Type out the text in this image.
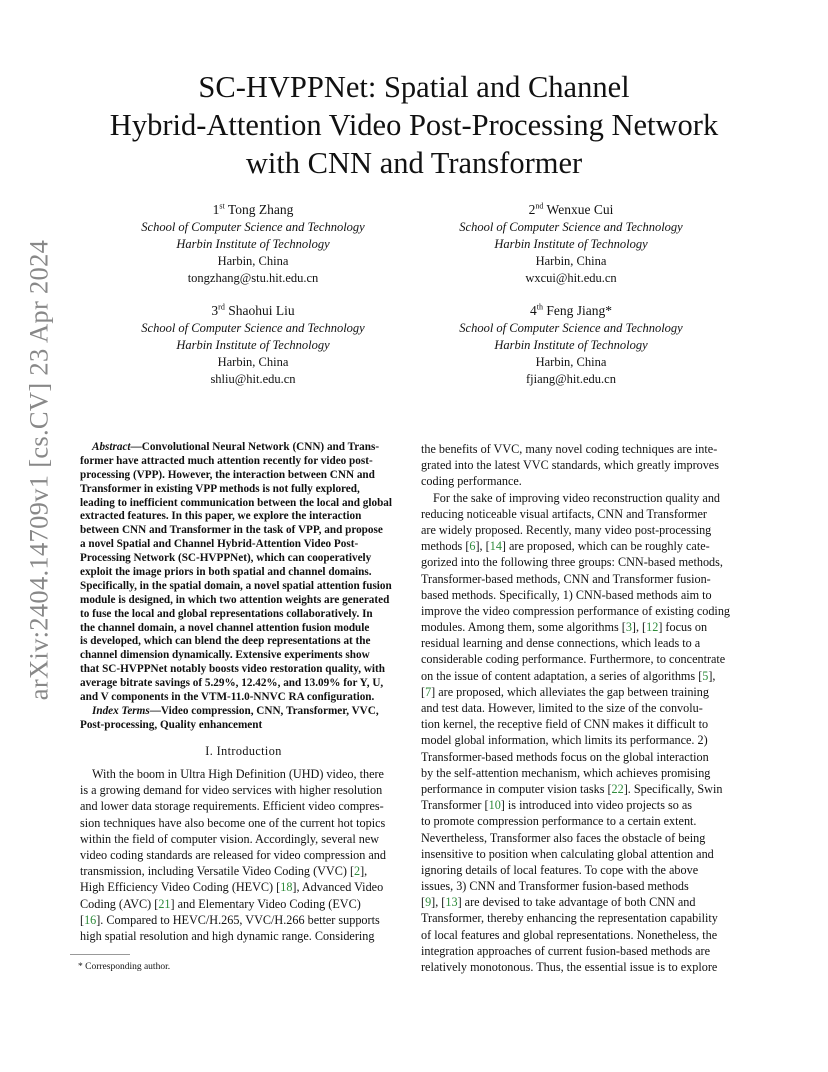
arXiv:2404.14709v1 [cs.CV] 23 Apr 2024
SC-HVPPNet: Spatial and Channel
Hybrid-Attention Video Post-Processing Network
with CNN and Transformer
1st Tong Zhang
School of Computer Science and Technology
Harbin Institute of Technology
Harbin, China
tongzhang@stu.hit.edu.cn
2nd Wenxue Cui
School of Computer Science and Technology
Harbin Institute of Technology
Harbin, China
wxcui@hit.edu.cn
3rd Shaohui Liu
School of Computer Science and Technology
Harbin Institute of Technology
Harbin, China
shliu@hit.edu.cn
4th Feng Jiang*
School of Computer Science and Technology
Harbin Institute of Technology
Harbin, China
fjiang@hit.edu.cn
Abstract—Convolutional Neural Network (CNN) and Trans-
former have attracted much attention recently for video post-
processing (VPP). However, the interaction between CNN and
Transformer in existing VPP methods is not fully explored,
leading to inefficient communication between the local and global
extracted features. In this paper, we explore the interaction
between CNN and Transformer in the task of VPP, and propose
a novel Spatial and Channel Hybrid-Attention Video Post-
Processing Network (SC-HVPPNet), which can cooperatively
exploit the image priors in both spatial and channel domains.
Specifically, in the spatial domain, a novel spatial attention fusion
module is designed, in which two attention weights are generated
to fuse the local and global representations collaboratively. In
the channel domain, a novel channel attention fusion module
is developed, which can blend the deep representations at the
channel dimension dynamically. Extensive experiments show
that SC-HVPPNet notably boosts video restoration quality, with
average bitrate savings of 5.29%, 12.42%, and 13.09% for Y, U,
and V components in the VTM-11.0-NNVC RA configuration.
Index Terms—Video compression, CNN, Transformer, VVC,
Post-processing, Quality enhancement
I. Introduction
With the boom in Ultra High Definition (UHD) video, there
is a growing demand for video services with higher resolution
and lower data storage requirements. Efficient video compres-
sion techniques have also become one of the current hot topics
within the field of computer vision. Accordingly, several new
video coding standards are released for video compression and
transmission, including Versatile Video Coding (VVC) [2],
High Efficiency Video Coding (HEVC) [18], Advanced Video
Coding (AVC) [21] and Elementary Video Coding (EVC)
[16]. Compared to HEVC/H.265, VVC/H.266 better supports
high spatial resolution and high dynamic range. Considering
the benefits of VVC, many novel coding techniques are inte-
grated into the latest VVC standards, which greatly improves
coding performance.
For the sake of improving video reconstruction quality and
reducing noticeable visual artifacts, CNN and Transformer
are widely proposed. Recently, many video post-processing
methods [6], [14] are proposed, which can be roughly cate-
gorized into the following three groups: CNN-based methods,
Transformer-based methods, CNN and Transformer fusion-
based methods. Specifically, 1) CNN-based methods aim to
improve the video compression performance of existing coding
modules. Among them, some algorithms [3], [12] focus on
residual learning and dense connections, which leads to a
considerable coding performance. Furthermore, to concentrate
on the issue of content adaptation, a series of algorithms [5],
[7] are proposed, which alleviates the gap between training
and test data. However, limited to the size of the convolu-
tion kernel, the receptive field of CNN makes it difficult to
model global information, which limits its performance. 2)
Transformer-based methods focus on the global interaction
by the self-attention mechanism, which achieves promising
performance in computer vision tasks [22]. Specifically, Swin
Transformer [10] is introduced into video projects so as
to promote compression performance to a certain extent.
Nevertheless, Transformer also faces the obstacle of being
insensitive to position when calculating global attention and
ignoring details of local features. To cope with the above
issues, 3) CNN and Transformer fusion-based methods
[9], [13] are devised to take advantage of both CNN and
Transformer, thereby enhancing the representation capability
of local features and global representations. Nonetheless, the
integration approaches of current fusion-based methods are
relatively monotonous. Thus, the essential issue is to explore
* Corresponding author.
